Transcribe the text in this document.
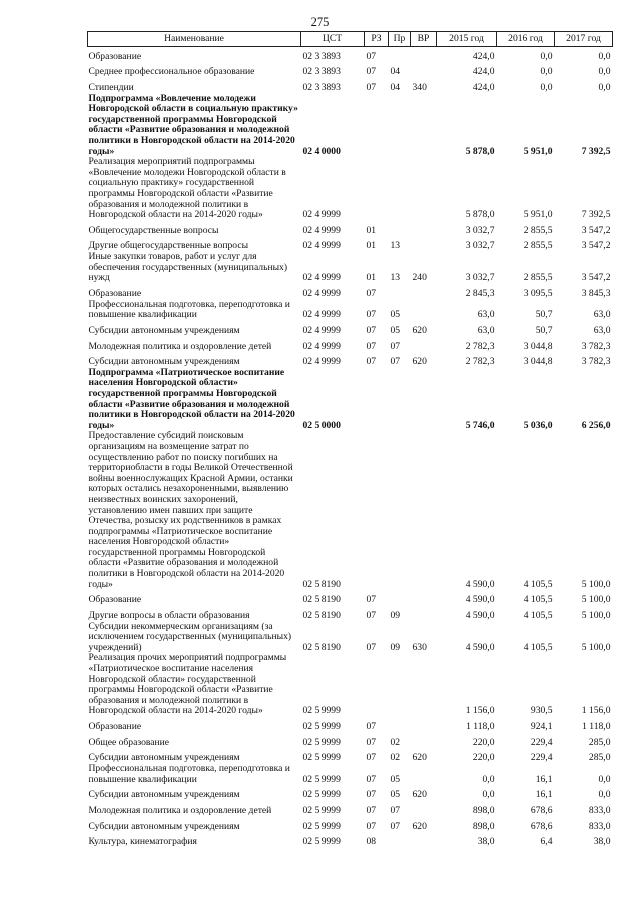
275
Наименование	ЦСТ	РЗ	Пр	ВР	2015 год	2016 год	2017 год
Образование	02 3 3893	07			424,0	0,0	0,0
Среднее профессиональное образование	02 3 3893	07	04		424,0	0,0	0,0
Стипендии	02 3 3893	07	04	340	424,0	0,0	0,0
Подпрограмма «Вовлечение молодежи Новгородской области в социальную практику» государственной программы Новгородской области «Развитие образования и молодежной политики в Новгородской области на 2014-2020 годы»	02 4 0000				5 878,0	5 951,0	7 392,5
Реализация мероприятий подпрограммы «Вовлечение молодежи Новгородской области в социальную практику» государственной программы Новгородской области «Развитие образования и молодежной политики в Новгородской области на 2014-2020 годы»	02 4 9999				5 878,0	5 951,0	7 392,5
Общегосударственные вопросы	02 4 9999	01			3 032,7	2 855,5	3 547,2
Другие общегосударственные вопросы	02 4 9999	01	13		3 032,7	2 855,5	3 547,2
Иные закупки товаров, работ и услуг для обеспечения государственных (муниципальных) нужд	02 4 9999	01	13	240	3 032,7	2 855,5	3 547,2
Образование	02 4 9999	07			2 845,3	3 095,5	3 845,3
Профессиональная подготовка, переподготовка и повышение квалификации	02 4 9999	07	05		63,0	50,7	63,0
Субсидии автономным учреждениям	02 4 9999	07	05	620	63,0	50,7	63,0
Молодежная политика и оздоровление детей	02 4 9999	07	07		2 782,3	3 044,8	3 782,3
Субсидии автономным учреждениям	02 4 9999	07	07	620	2 782,3	3 044,8	3 782,3
Подпрограмма «Патриотическое воспитание населения Новгородской области» государственной программы Новгородской области «Развитие образования и молодежной политики в Новгородской области на 2014-2020 годы»	02 5 0000				5 746,0	5 036,0	6 256,0
Предоставление субсидий поисковым организациям на возмещение затрат по осуществлению работ по поиску погибших на территориобласти в годы Великой Отечественной войны военнослужащих Красной Армии, останки которых остались незахороненными, выявлению неизвестных воинских захоронений, установлению имен павших при защите Отечества, розыску их родственников в рамках подпрограммы «Патриотическое воспитание населения Новгородской области» государственной программы Новгородской области «Развитие образования и молодежной политики в Новгородской области на 2014-2020 годы»	02 5 8190				4 590,0	4 105,5	5 100,0
Образование	02 5 8190	07			4 590,0	4 105,5	5 100,0
Другие вопросы в области образования	02 5 8190	07	09		4 590,0	4 105,5	5 100,0
Субсидии некоммерческим организациям (за исключением государственных (муниципальных) учреждений)	02 5 8190	07	09	630	4 590,0	4 105,5	5 100,0
Реализация прочих мероприятий подпрограммы «Патриотическое воспитание населения Новгородской области» государственной программы Новгородской области «Развитие образования и молодежной политики в Новгородской области на 2014-2020 годы»	02 5 9999				1 156,0	930,5	1 156,0
Образование	02 5 9999	07			1 118,0	924,1	1 118,0
Общее образование	02 5 9999	07	02		220,0	229,4	285,0
Субсидии автономным учреждениям	02 5 9999	07	02	620	220,0	229,4	285,0
Профессиональная подготовка, переподготовка и повышение квалификации	02 5 9999	07	05		0,0	16,1	0,0
Субсидии автономным учреждениям	02 5 9999	07	05	620	0,0	16,1	0,0
Молодежная политика и оздоровление детей	02 5 9999	07	07		898,0	678,6	833,0
Субсидии автономным учреждениям	02 5 9999	07	07	620	898,0	678,6	833,0
Культура, кинематография	02 5 9999	08			38,0	6,4	38,0
